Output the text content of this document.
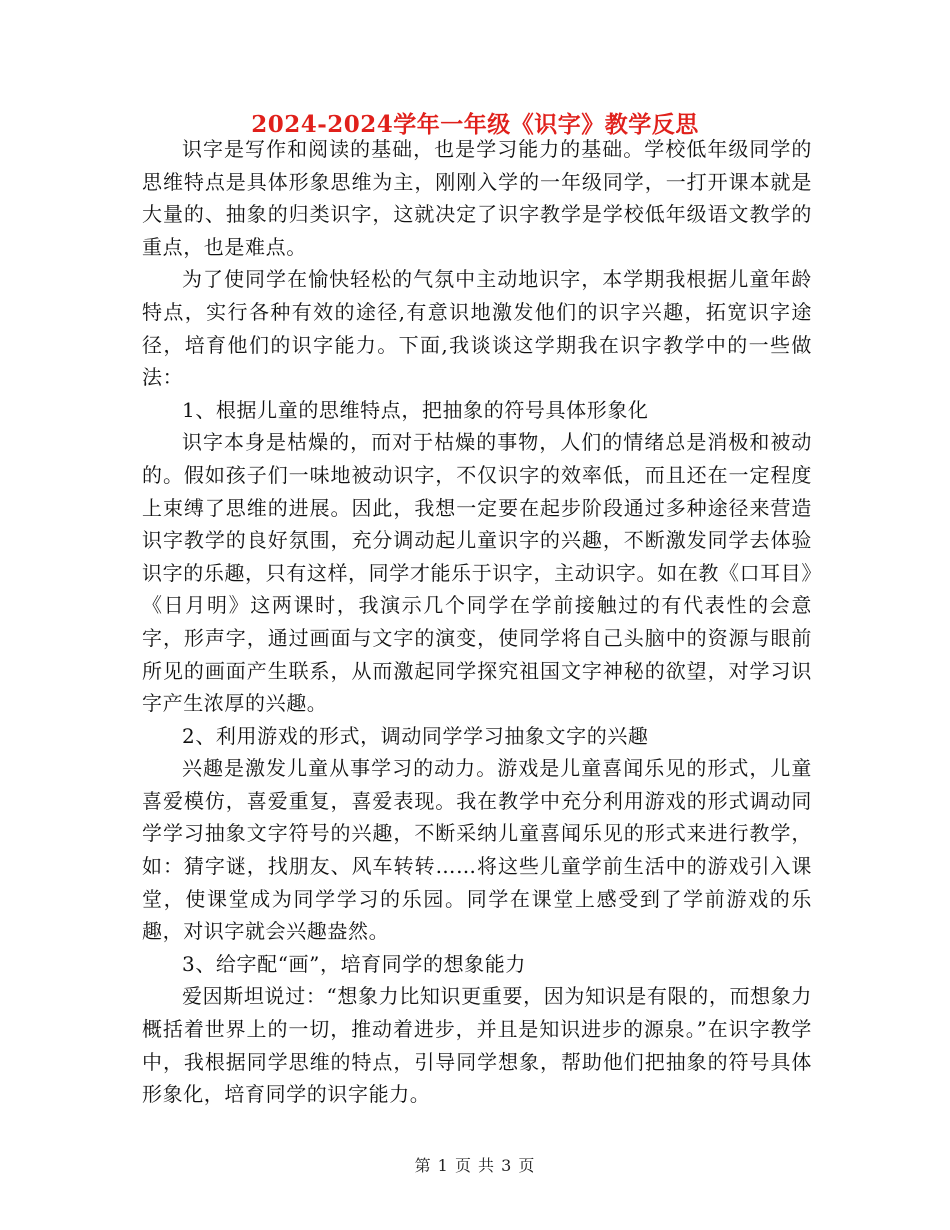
2024-2024学年一年级《识字》教学反思

识字是写作和阅读的基础，也是学习能力的基础。学校低年级同学的思维特点是具体形象思维为主，刚刚入学的一年级同学，一打开课本就是大量的、抽象的归类识字，这就决定了识字教学是学校低年级语文教学的重点，也是难点。

为了使同学在愉快轻松的气氛中主动地识字，本学期我根据儿童年龄特点，实行各种有效的途径,有意识地激发他们的识字兴趣，拓宽识字途径，培育他们的识字能力。下面,我谈谈这学期我在识字教学中的一些做法：

1、根据儿童的思维特点，把抽象的符号具体形象化

识字本身是枯燥的，而对于枯燥的事物，人们的情绪总是消极和被动的。假如孩子们一味地被动识字，不仅识字的效率低，而且还在一定程度上束缚了思维的进展。因此，我想一定要在起步阶段通过多种途径来营造识字教学的良好氛围，充分调动起儿童识字的兴趣，不断激发同学去体验识字的乐趣，只有这样，同学才能乐于识字，主动识字。如在教《口耳目》《日月明》这两课时，我演示几个同学在学前接触过的有代表性的会意字，形声字，通过画面与文字的演变，使同学将自己头脑中的资源与眼前所见的画面产生联系，从而激起同学探究祖国文字神秘的欲望，对学习识字产生浓厚的兴趣。

2、利用游戏的形式，调动同学学习抽象文字的兴趣

兴趣是激发儿童从事学习的动力。游戏是儿童喜闻乐见的形式，儿童喜爱模仿，喜爱重复，喜爱表现。我在教学中充分利用游戏的形式调动同学学习抽象文字符号的兴趣，不断采纳儿童喜闻乐见的形式来进行教学，如：猜字谜，找朋友、风车转转……将这些儿童学前生活中的游戏引入课堂，使课堂成为同学学习的乐园。同学在课堂上感受到了学前游戏的乐趣，对识字就会兴趣盎然。

3、给字配“画”，培育同学的想象能力

爱因斯坦说过：“想象力比知识更重要，因为知识是有限的，而想象力概括着世界上的一切，推动着进步，并且是知识进步的源泉。”在识字教学中，我根据同学思维的特点，引导同学想象，帮助他们把抽象的符号具体形象化，培育同学的识字能力。

第 1 页 共 3 页
